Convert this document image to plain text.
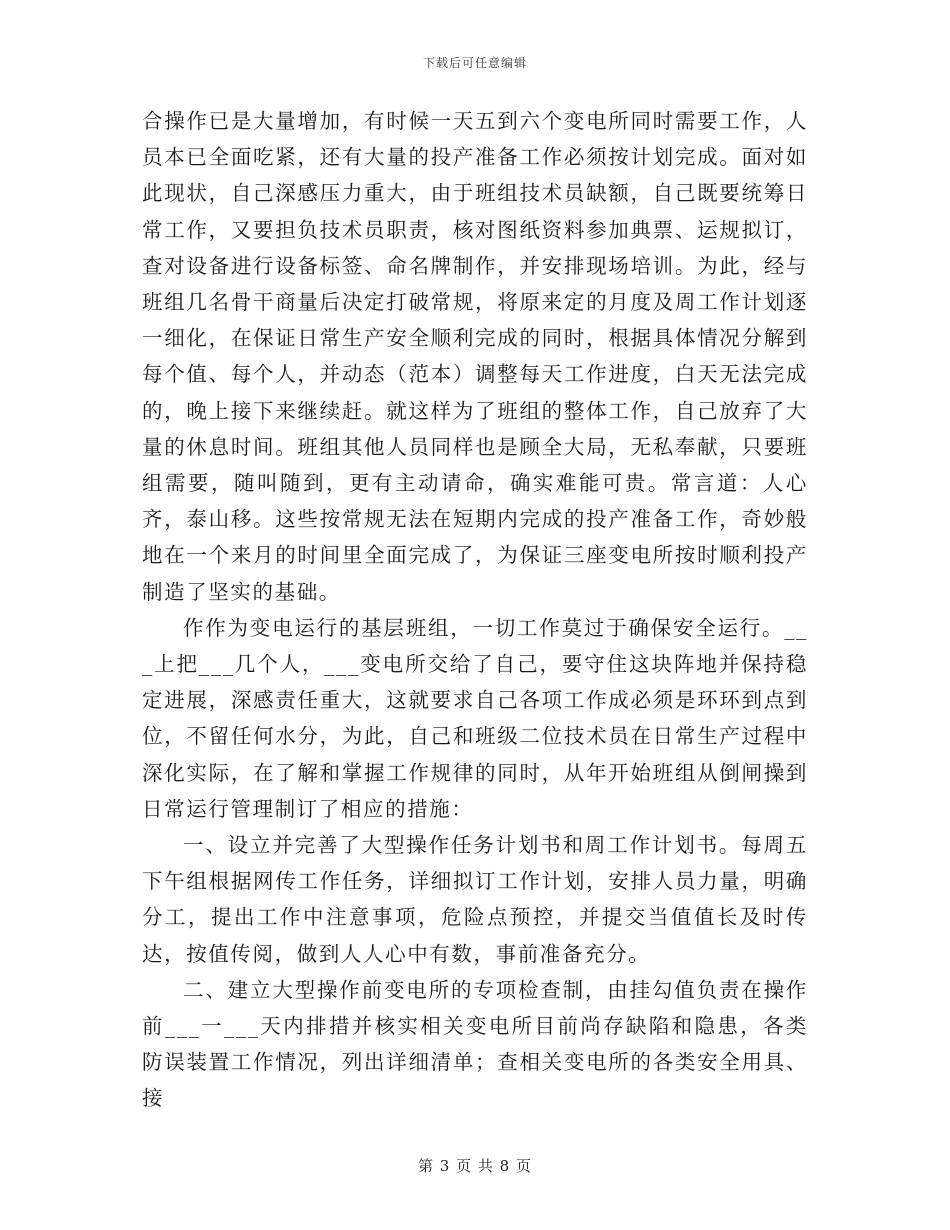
下载后可任意编辑

合操作已是大量增加，有时候一天五到六个变电所同时需要工作，人员本已全面吃紧，还有大量的投产准备工作必须按计划完成。面对如此现状，自己深感压力重大，由于班组技术员缺额，自己既要统筹日常工作，又要担负技术员职责，核对图纸资料参加典票、运规拟订，查对设备进行设备标签、命名牌制作，并安排现场培训。为此，经与班组几名骨干商量后决定打破常规，将原来定的月度及周工作计划逐一细化，在保证日常生产安全顺利完成的同时，根据具体情况分解到每个值、每个人，并动态（范本）调整每天工作进度，白天无法完成的，晚上接下来继续赶。就这样为了班组的整体工作，自己放弃了大量的休息时间。班组其他人员同样也是顾全大局，无私奉献，只要班组需要，随叫随到，更有主动请命，确实难能可贵。常言道：人心齐，泰山移。这些按常规无法在短期内完成的投产准备工作，奇妙般地在一个来月的时间里全面完成了，为保证三座变电所按时顺利投产制造了坚实的基础。

作作为变电运行的基层班组，一切工作莫过于确保安全运行。___上把___几个人，___变电所交给了自己，要守住这块阵地并保持稳定进展，深感责任重大，这就要求自己各项工作成必须是环环到点到位，不留任何水分，为此，自己和班级二位技术员在日常生产过程中深化实际，在了解和掌握工作规律的同时，从年开始班组从倒闸操到日常运行管理制订了相应的措施：

一、设立并完善了大型操作任务计划书和周工作计划书。每周五下午组根据网传工作任务，详细拟订工作计划，安排人员力量，明确分工，提出工作中注意事项，危险点预控，并提交当值值长及时传达，按值传阅，做到人人心中有数，事前准备充分。

二、建立大型操作前变电所的专项检查制，由挂勾值负责在操作前___一___天内排措并核实相关变电所目前尚存缺陷和隐患，各类防误装置工作情况，列出详细清单；查相关变电所的各类安全用具、接

第 3 页 共 8 页
